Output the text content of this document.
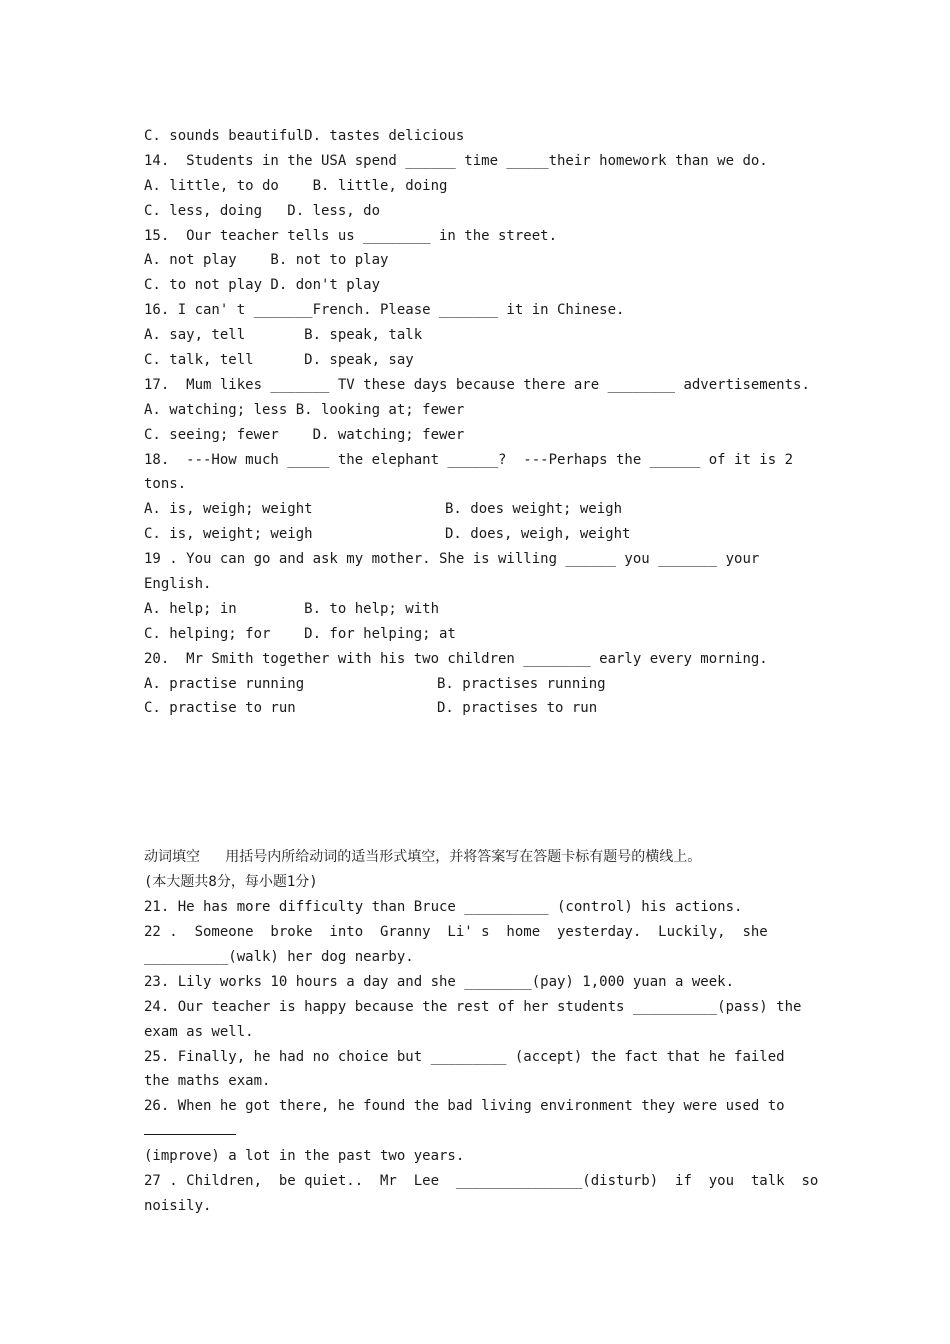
C. sounds beautifulD. tastes delicious
14.  Students in the USA spend ______ time _____their homework than we do.
A. little, to do    B. little, doing
C. less, doing   D. less, do
15.  Our teacher tells us ________ in the street.
A. not play    B. not to play
C. to not play D. don't play
16. I can' t _______French. Please _______ it in Chinese.
A. say, tell       B. speak, talk
C. talk, tell      D. speak, say
17.  Mum likes _______ TV these days because there are ________ advertisements.
A. watching; less B. looking at; fewer
C. seeing; fewer    D. watching; fewer
18.  ---How much _____ the elephant ______?  ---Perhaps the ______ of it is 2
tons.
A. is, weigh; weight	B. does weight; weigh
C. is, weight; weigh	D. does, weigh, weight
19 . You can go and ask my mother. She is willing ______ you _______ your
English.
A. help; in        B. to help; with
C. helping; for    D. for helping; at
20.  Mr Smith together with his two children ________ early every morning.
A. practise running	B. practises running
C. practise to run	D. practises to run
动词填空   用括号内所给动词的适当形式填空，并将答案写在答题卡标有题号的横线上。
(本大题共8分，每小题1分)
21. He has more difficulty than Bruce __________ (control) his actions.
22 .  Someone  broke  into  Granny  Li' s  home  yesterday.  Luckily,  she
__________(walk) her dog nearby.
23. Lily works 10 hours a day and she ________(pay) 1,000 yuan a week.
24. Our teacher is happy because the rest of her students __________(pass) the
exam as well.
25. Finally, he had no choice but _________ (accept) the fact that he failed
the maths exam.
26. When he got there, he found the bad living environment they were used to
(improve) a lot in the past two years.
27 . Children,  be quiet..  Mr  Lee  _______________(disturb)  if  you  talk  so
noisily.
